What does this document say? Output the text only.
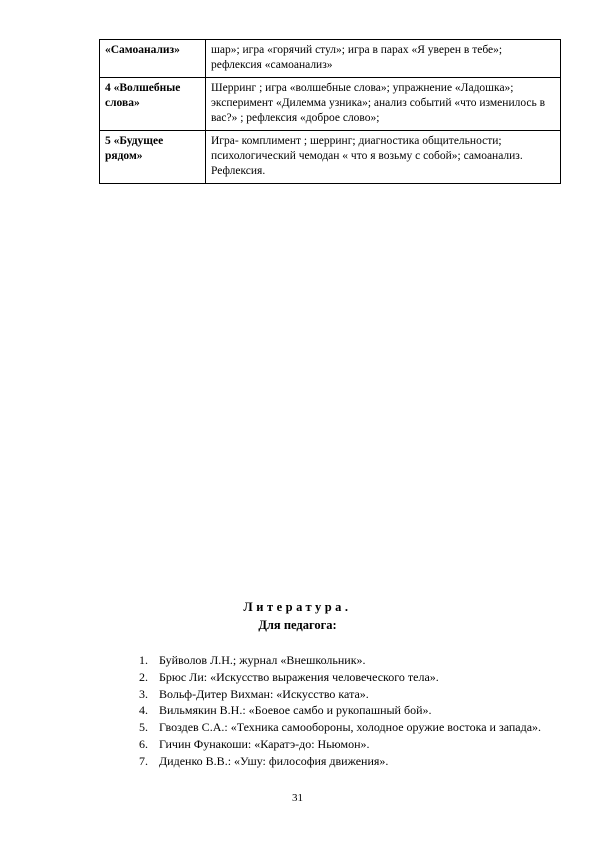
«Самоанализ»	шар»; игра «горячий стул»; игра в парах «Я уверен в тебе»; рефлексия «самоанализ»
4 «Волшебные слова»	Шерринг ; игра «волшебные слова»; упражнение «Ладошка»; эксперимент «Дилемма узника»; анализ событий «что изменилось в вас?» ; рефлексия «доброе слово»;
5 «Будущее рядом»	Игра- комплимент ; шерринг; диагностика общительности; психологический чемодан « что я возьму с собой»; самоанализ. Рефлексия.
Литература.
Для педагога:
1. Буйволов Л.Н.; журнал «Внешкольник».
2. Брюс Ли: «Искусство выражения человеческого тела».
3. Вольф-Дитер Вихман: «Искусство ката».
4. Вильмякин В.Н.: «Боевое самбо и рукопашный бой».
5. Гвоздев С.А.: «Техника самообороны, холодное оружие востока и запада».
6. Гичин Фунакоши: «Каратэ-до: Ньюмон».
7. Диденко В.В.: «Ушу: философия движения».
31
